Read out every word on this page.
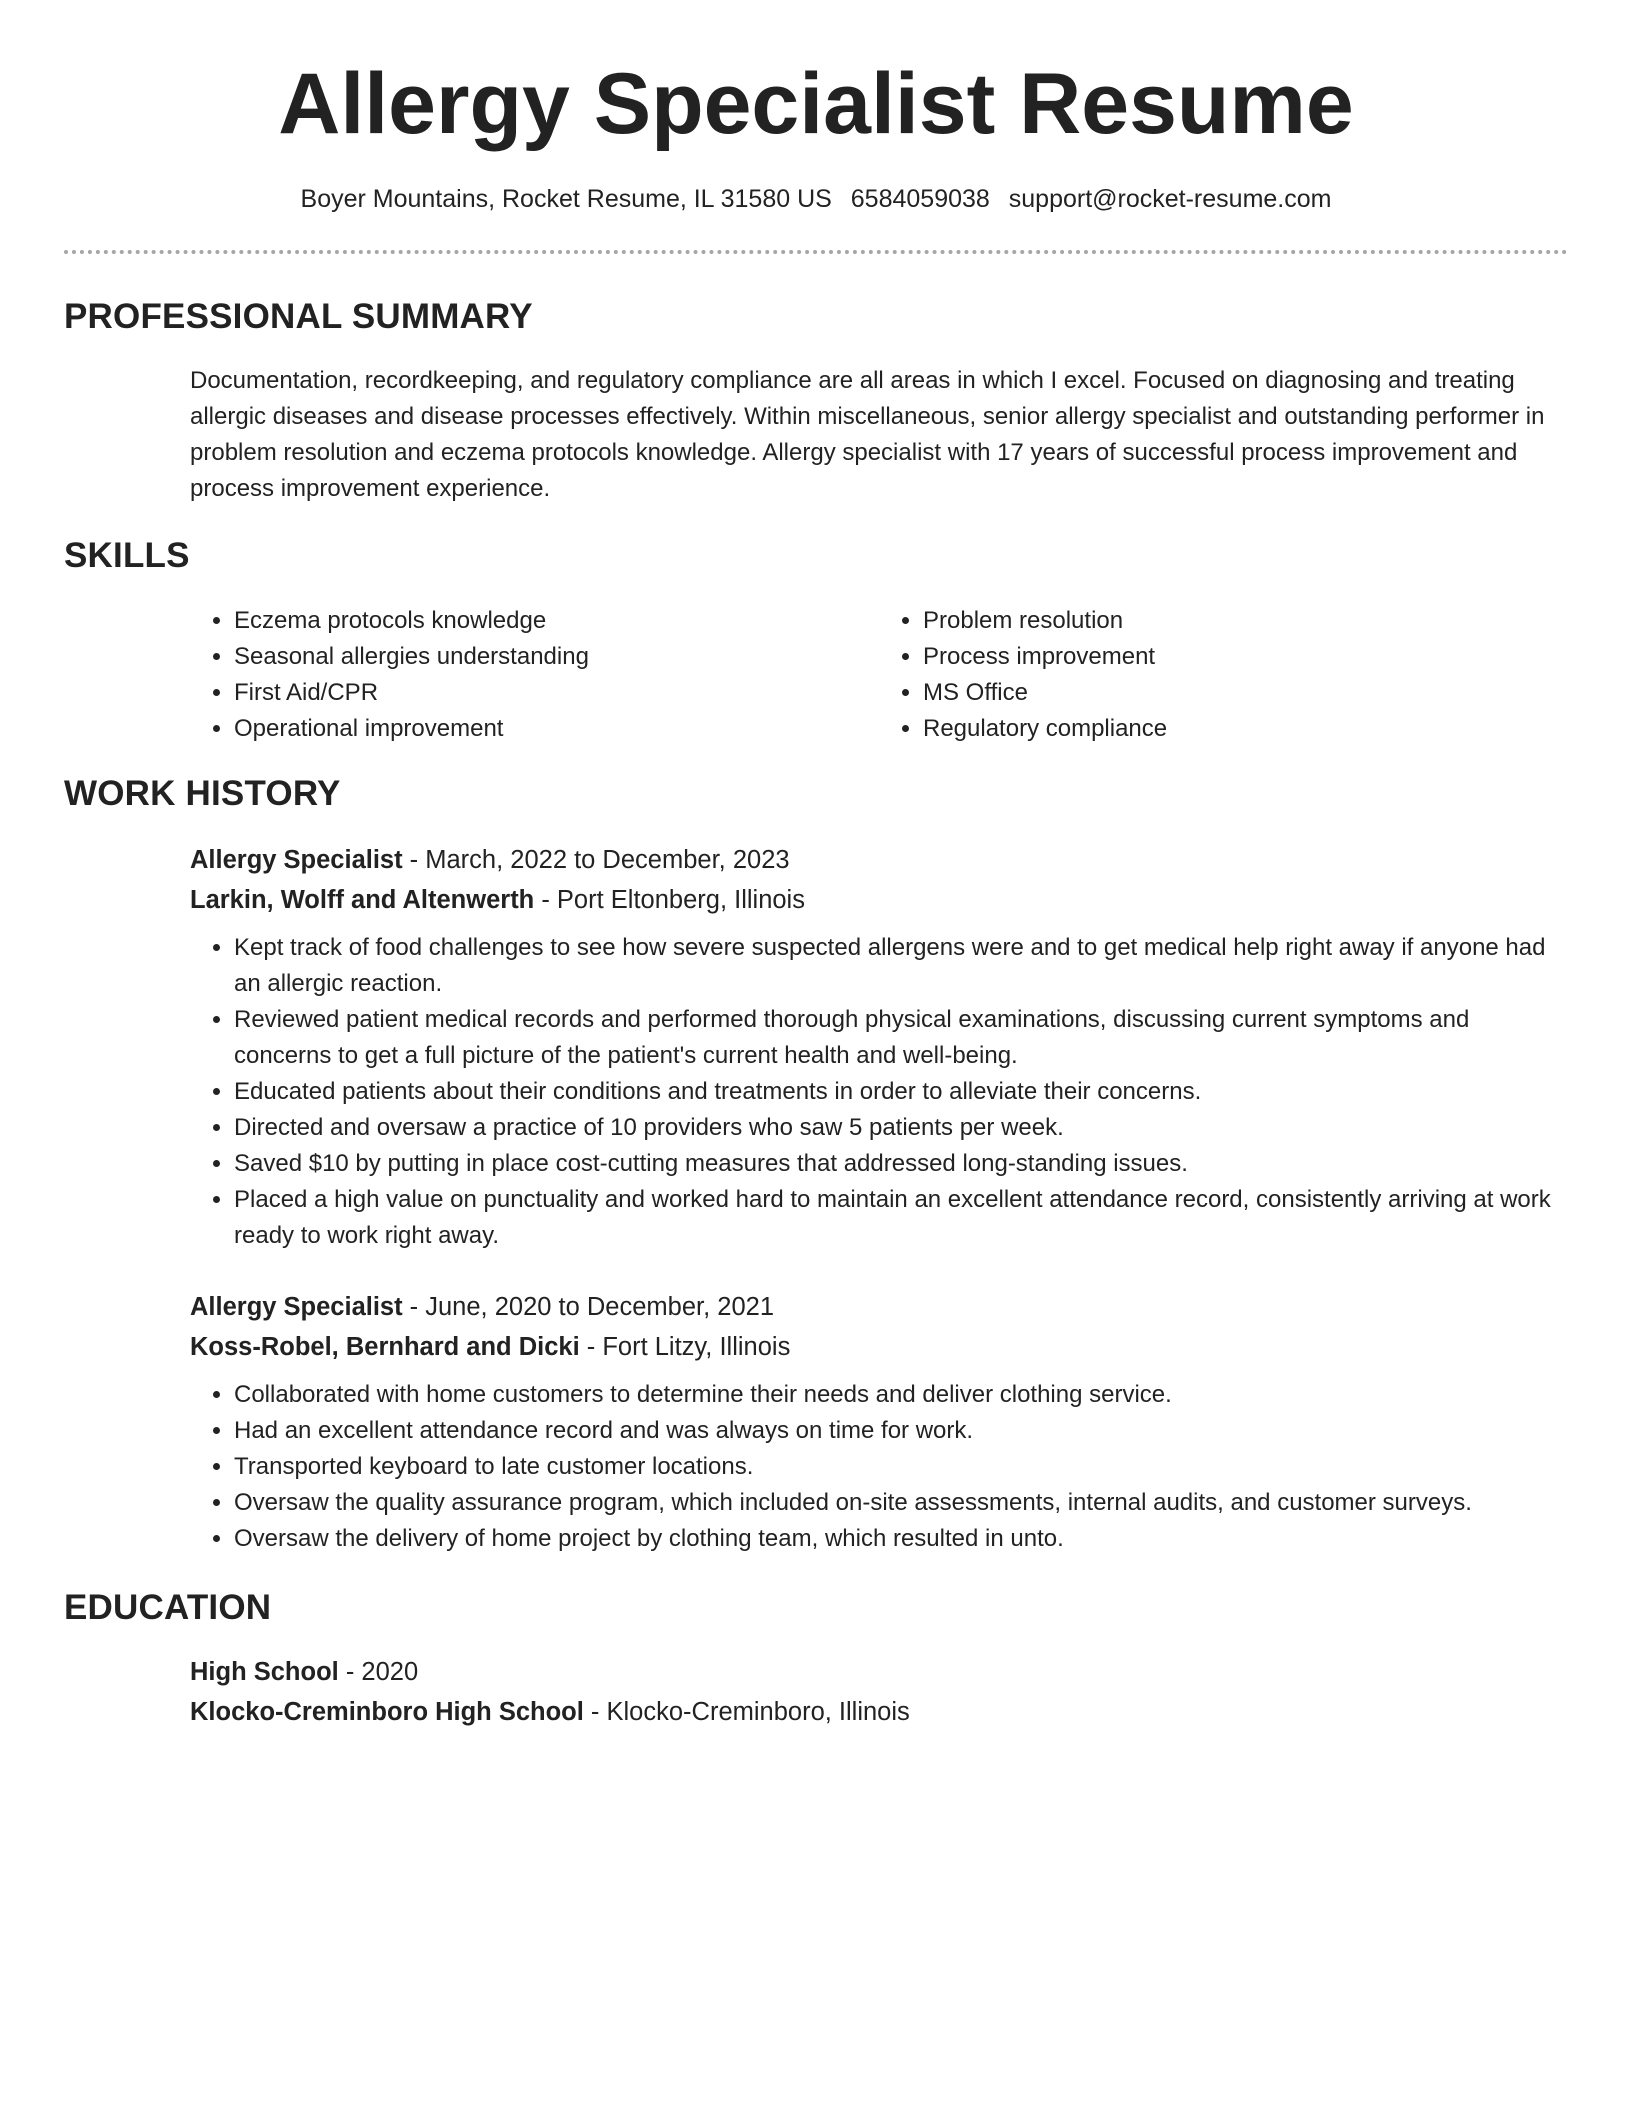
Allergy Specialist Resume
Boyer Mountains, Rocket Resume, IL 31580 US 6584059038 support@rocket-resume.com
PROFESSIONAL SUMMARY

Documentation, recordkeeping, and regulatory compliance are all areas in which I excel. Focused on diagnosing and treating allergic diseases and disease processes effectively. Within miscellaneous, senior allergy specialist and outstanding performer in problem resolution and eczema protocols knowledge. Allergy specialist with 17 years of successful process improvement and process improvement experience.

SKILLS
• Eczema protocols knowledge
• Seasonal allergies understanding
• First Aid/CPR
• Operational improvement
• Problem resolution
• Process improvement
• MS Office
• Regulatory compliance
WORK HISTORY
Allergy Specialist - March, 2022 to December, 2023
Larkin, Wolff and Altenwerth - Port Eltonberg, Illinois
• Kept track of food challenges to see how severe suspected allergens were and to get medical help right away if anyone had an allergic reaction.
• Reviewed patient medical records and performed thorough physical examinations, discussing current symptoms and concerns to get a full picture of the patient's current health and well-being.
• Educated patients about their conditions and treatments in order to alleviate their concerns.
• Directed and oversaw a practice of 10 providers who saw 5 patients per week.
• Saved $10 by putting in place cost-cutting measures that addressed long-standing issues.
• Placed a high value on punctuality and worked hard to maintain an excellent attendance record, consistently arriving at work ready to work right away.
Allergy Specialist - June, 2020 to December, 2021
Koss-Robel, Bernhard and Dicki - Fort Litzy, Illinois
• Collaborated with home customers to determine their needs and deliver clothing service.
• Had an excellent attendance record and was always on time for work.
• Transported keyboard to late customer locations.
• Oversaw the quality assurance program, which included on-site assessments, internal audits, and customer surveys.
• Oversaw the delivery of home project by clothing team, which resulted in unto.
EDUCATION
High School - 2020
Klocko-Creminboro High School - Klocko-Creminboro, Illinois
